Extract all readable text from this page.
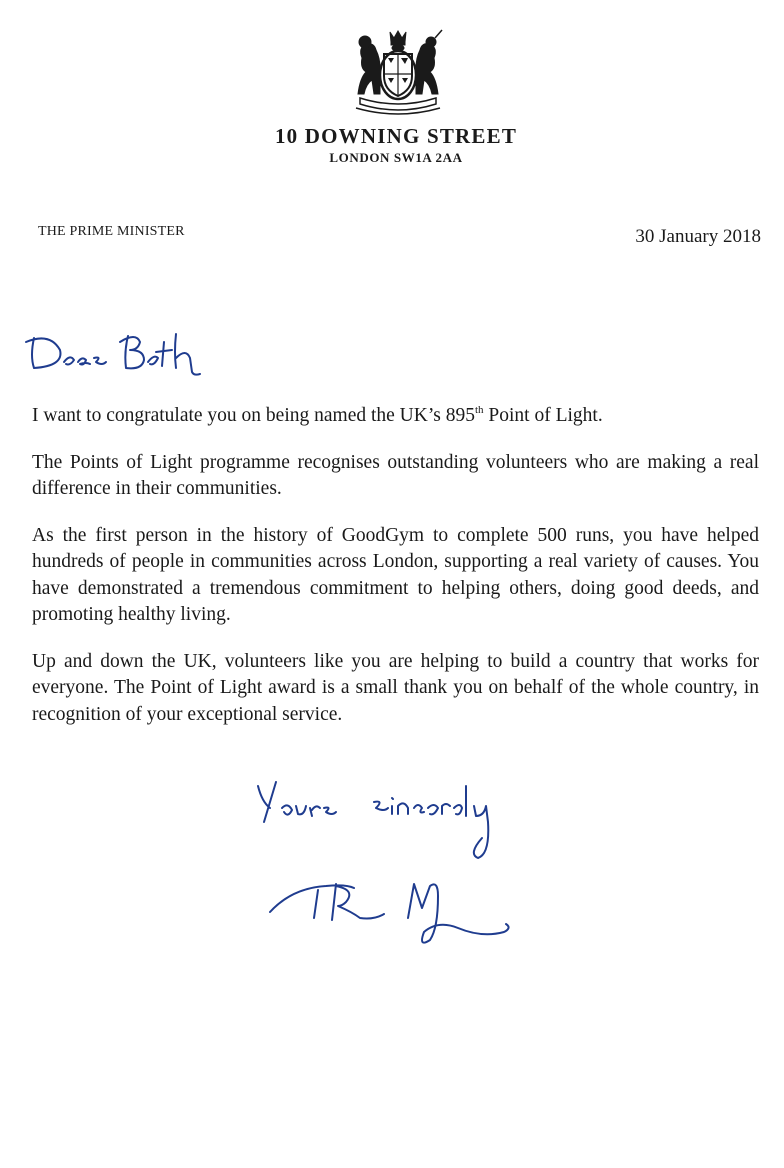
10 DOWNING STREET
LONDON SW1A 2AA
THE PRIME MINISTER	30 January 2018

I want to congratulate you on being named the UK’s 895th Point of Light.

The Points of Light programme recognises outstanding volunteers who are making a real difference in their communities.

As the first person in the history of GoodGym to complete 500 runs, you have helped hundreds of people in communities across London, supporting a real variety of causes. You have demonstrated a tremendous commitment to helping others, doing good deeds, and promoting healthy living.

Up and down the UK, volunteers like you are helping to build a country that works for everyone. The Point of Light award is a small thank you on behalf of the whole country, in recognition of your exceptional service.
